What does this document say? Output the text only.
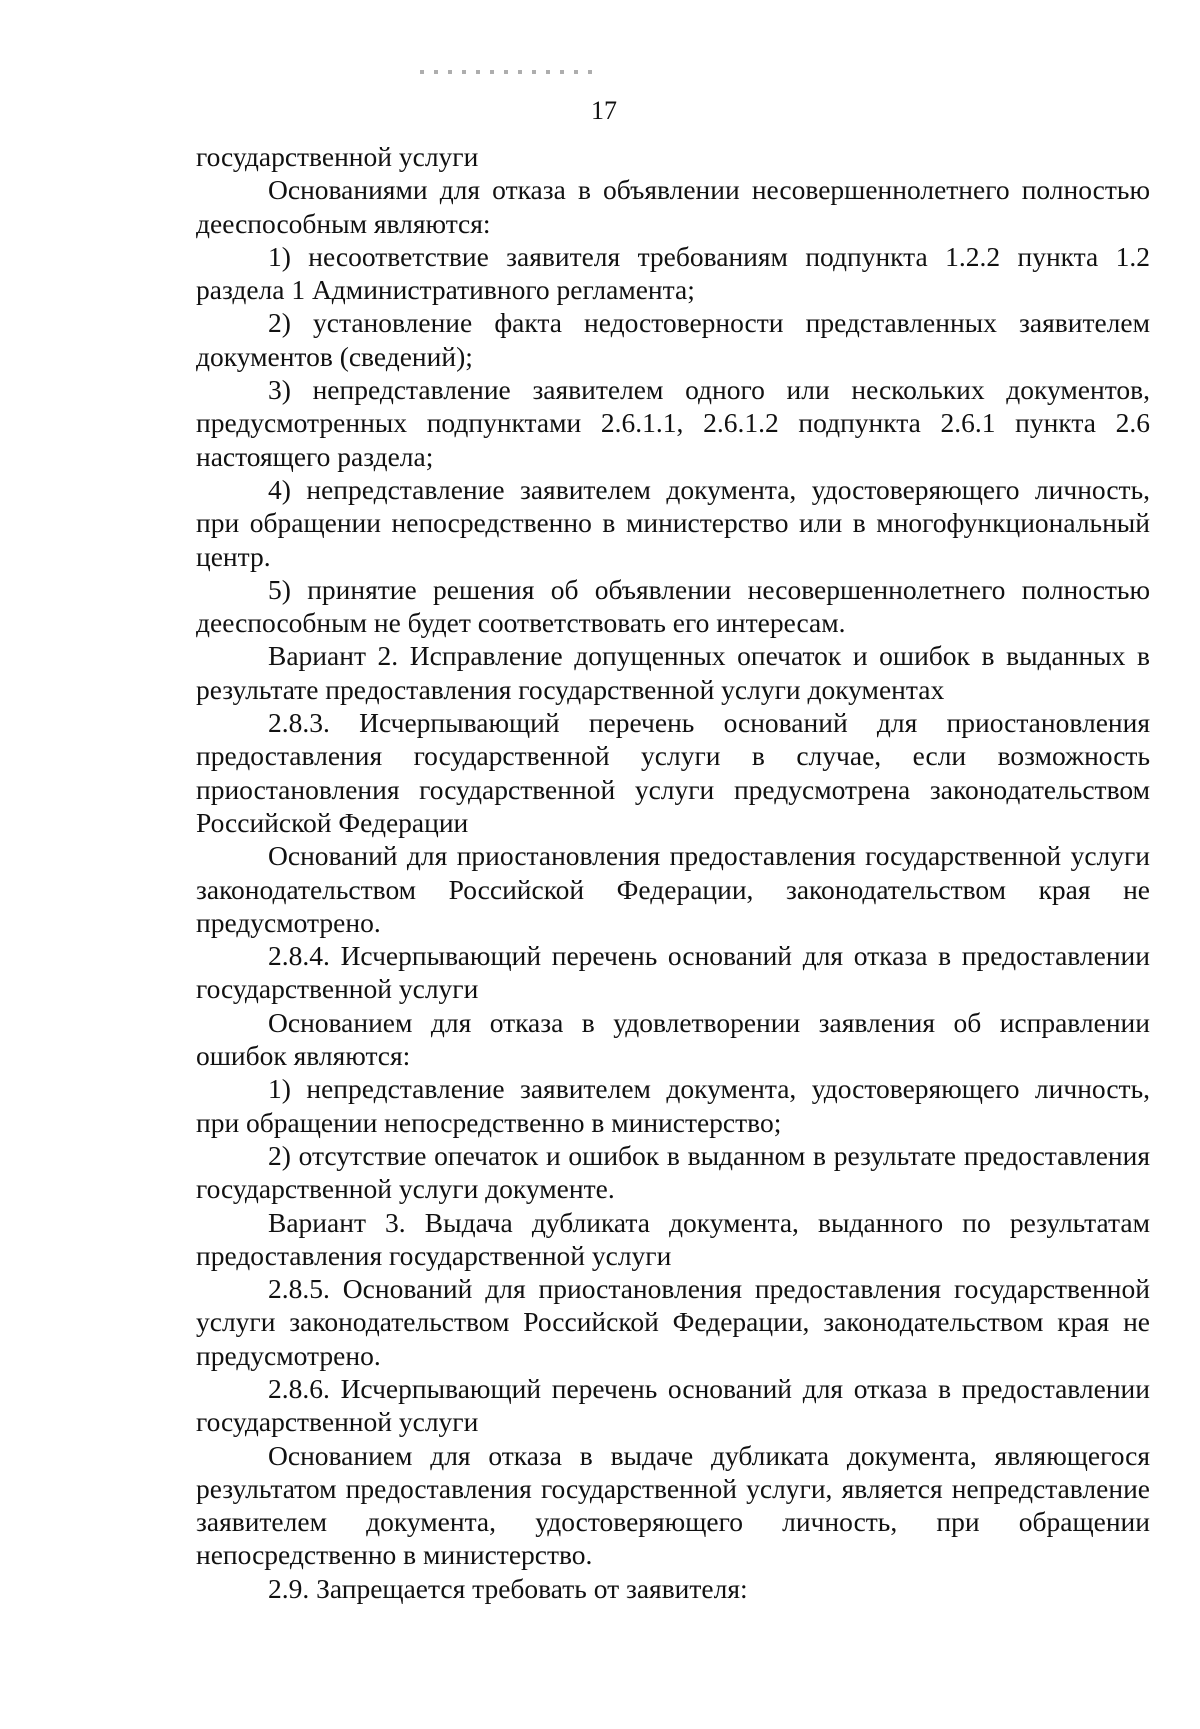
17

государственной услуги

Основаниями для отказа в объявлении несовершеннолетнего полностью дееспособным являются:

1) несоответствие заявителя требованиям подпункта 1.2.2 пункта 1.2 раздела 1 Административного регламента;

2) установление факта недостоверности представленных заявителем документов (сведений);

3) непредставление заявителем одного или нескольких документов, предусмотренных подпунктами 2.6.1.1, 2.6.1.2 подпункта 2.6.1 пункта 2.6 настоящего раздела;

4) непредставление заявителем документа, удостоверяющего личность, при обращении непосредственно в министерство или в многофункциональный центр.

5) принятие решения об объявлении несовершеннолетнего полностью дееспособным не будет соответствовать его интересам.

Вариант 2. Исправление допущенных опечаток и ошибок в выданных в результате предоставления государственной услуги документах

2.8.3. Исчерпывающий перечень оснований для приостановления предоставления государственной услуги в случае, если возможность приостановления государственной услуги предусмотрена законодательством Российской Федерации

Оснований для приостановления предоставления государственной услуги законодательством Российской Федерации, законодательством края не предусмотрено.

2.8.4. Исчерпывающий перечень оснований для отказа в предоставлении государственной услуги

Основанием для отказа в удовлетворении заявления об исправлении ошибок являются:

1) непредставление заявителем документа, удостоверяющего личность, при обращении непосредственно в министерство;

2) отсутствие опечаток и ошибок в выданном в результате предоставления государственной услуги документе.

Вариант 3. Выдача дубликата документа, выданного по результатам предоставления государственной услуги

2.8.5. Оснований для приостановления предоставления государственной услуги законодательством Российской Федерации, законодательством края не предусмотрено.

2.8.6. Исчерпывающий перечень оснований для отказа в предоставлении государственной услуги

Основанием для отказа в выдаче дубликата документа, являющегося результатом предоставления государственной услуги, является непредставление заявителем документа, удостоверяющего личность, при обращении непосредственно в министерство.

2.9. Запрещается требовать от заявителя:
